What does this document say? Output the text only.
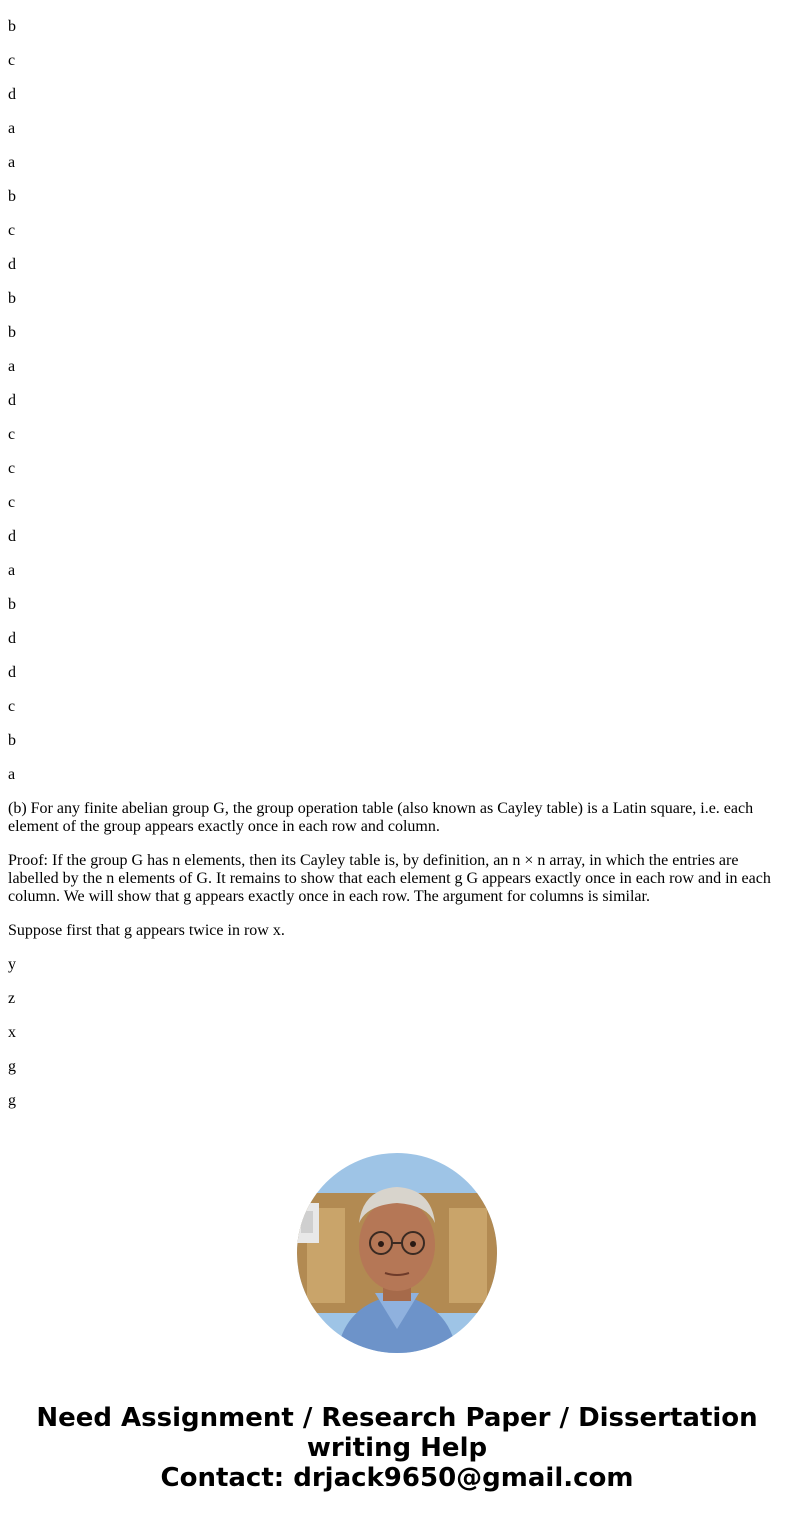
b

c

d

a

a

b

c

d

b

b

a

d

c

c

c

d

a

b

d

d

c

b

a

(b) For any finite abelian group G, the group operation table (also known as Cayley table) is a Latin square, i.e. each element of the group appears exactly once in each row and column.

Proof: If the group G has n elements, then its Cayley table is, by definition, an n × n array, in which the entries are labelled by the n elements of G. It remains to show that each element g G appears exactly once in each row and in each column. We will show that g appears exactly once in each row. The argument for columns is similar.

Suppose first that g appears twice in row x.

y

z

x

g

g

Need Assignment / Research Paper / Dissertation
writing Help
Contact: drjack9650@gmail.com
